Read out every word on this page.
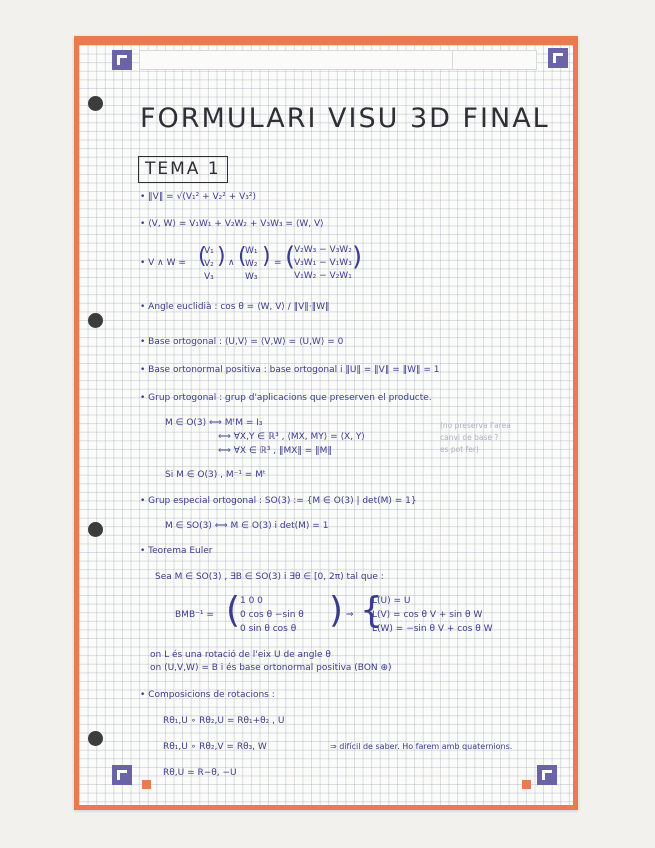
FORMULARI VISU 3D FINAL
TEMA 1
• ‖V‖ = √(V₁² + V₂² + V₃²)
• ⟨V, W⟩ = V₁W₁ + V₂W₂ + V₃W₃ = ⟨W, V⟩
• V ∧ W = (
V₁
V₂
V₃
) ∧ (
W₁
W₂
W₃
) = (
V₂W₃ − V₃W₂
V₃W₁ − V₁W₃
V₁W₂ − V₂W₁
)
• Angle euclidià : cos θ = ⟨W, V⟩ / ‖V‖·‖W‖
• Base ortogonal : ⟨U,V⟩ = ⟨V,W⟩ = ⟨U,W⟩ = 0
• Base ortonormal positiva : base ortogonal i ‖U‖ = ‖V‖ = ‖W‖ = 1
• Grup ortogonal : grup d'aplicacions que preserven el producte.
M ∈ O(3) ⟺ MᵗM = I₃
⟺ ∀X,Y ∈ ℝ³ , ⟨MX, MY⟩ = ⟨X, Y⟩
⟺ ∀X ∈ ℝ³ , ‖MX‖ = ‖M‖
(no preserva l'area
canvi de base ?
es pot fer)
Si M ∈ O(3) , M⁻¹ = Mᵗ
• Grup especial ortogonal : SO(3) := {M ∈ O(3) | det(M) = 1}
M ∈ SO(3) ⟺ M ∈ O(3) i det(M) = 1
• Teorema Euler
Sea M ∈ SO(3) , ∃B ∈ SO(3) i ∃θ ∈ [0, 2π) tal que :
BMB⁻¹ = ( 1 0 0
0 cos θ −sin θ
0 sin θ cos θ ) ⇒ {
L(U) = U
L(V) = cos θ V + sin θ W
L(W) = −sin θ V + cos θ W
on L és una rotació de l'eix U de angle θ
on (U,V,W) = B i és base ortonormal positiva (BON ⊕)
• Composicions de rotacions :
Rθ₁,U ∘ Rθ₂,U = Rθ₁+θ₂ , U
Rθ₁,U ∘ Rθ₂,V = Rθ₃, W	⇒ difícil de saber. Ho farem amb quaternions.
Rθ,U = R−θ, −U
